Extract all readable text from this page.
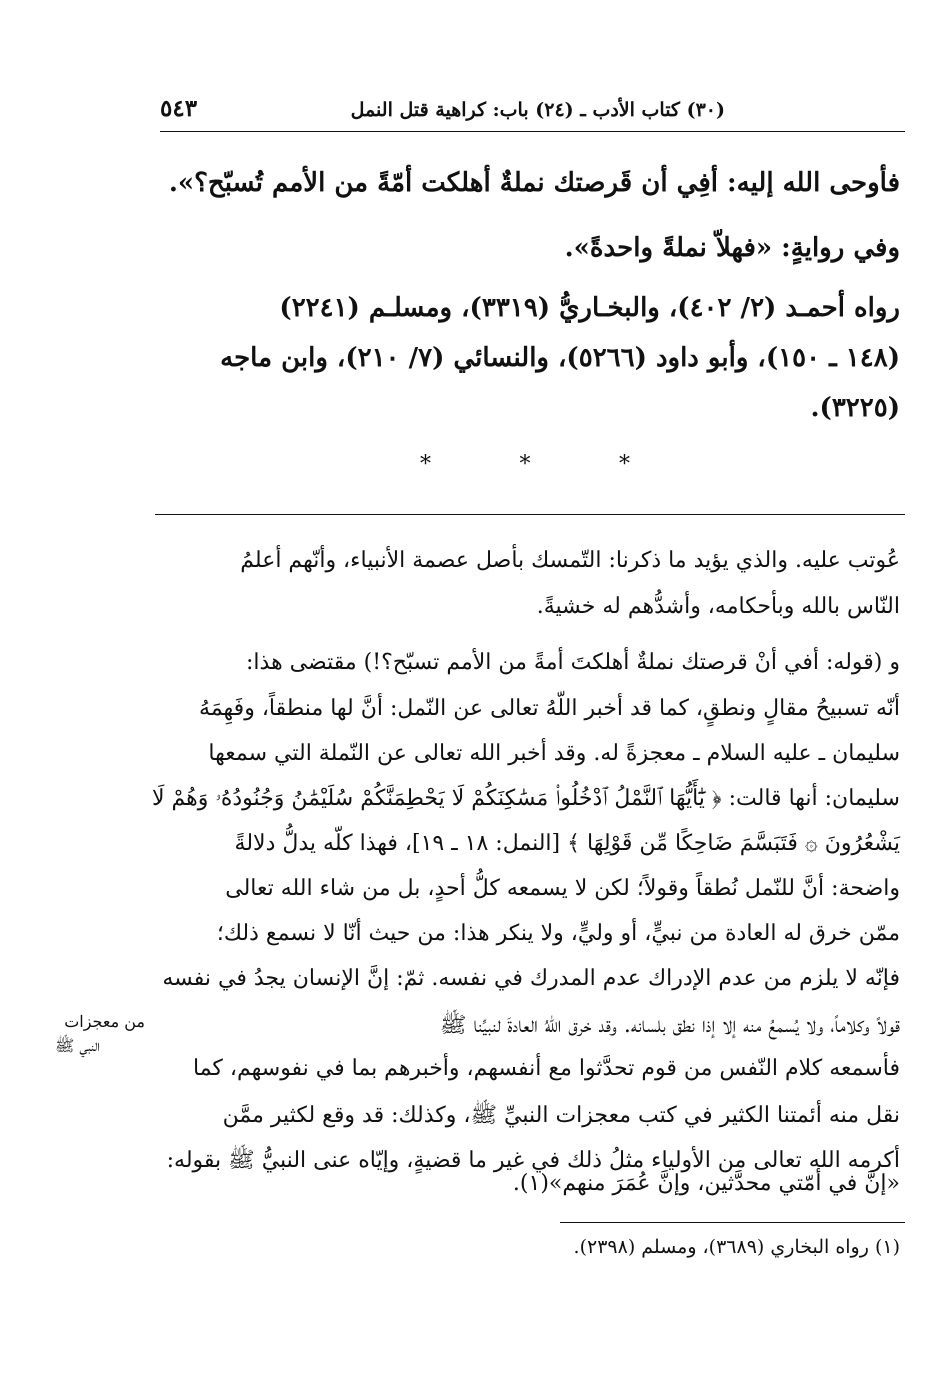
(٣٠) كتاب الأدب ـ (٢٤) باب: كراهية قتل النمل
٥٤٣
فأوحى الله إليه: أفِي أن قَرصتك نملةٌ أهلكت أمّةً من الأمم تُسبّح؟».
وفي روايةٍ: «فهلاّ نملةً واحدةً».
رواه أحمـد (٢/ ٤٠٢)، والبخـاريُّ (٣٣١٩)، ومسلـم (٢٢٤١)
(١٤٨ ـ ١٥٠)، وأبو داود (٥٢٦٦)، والنسائي (٧/ ٢١٠)، وابن ماجه
(٣٢٢٥).
*	*	*
عُوتب عليه. والذي يؤيد ما ذكرنا: التّمسك بأصل عصمة الأنبياء، وأنّهم أعلمُ
النّاس بالله وبأحكامه، وأشدُّهم له خشيةً.
و (قوله: أفي أنْ قرصتك نملةٌ أهلكتَ أمةً من الأمم تسبّح؟!) مقتضى هذا:
أنّه تسبيحُ مقالٍ ونطقٍ، كما قد أخبر اللّهُ تعالى عن النّمل: أنَّ لها منطقاً، وفَهِمَهُ
سليمان ـ عليه السلام ـ معجزةً له. وقد أخبر الله تعالى عن النّملة التي سمعها
سليمان: أنها قالت: ﴿ يَٰٓأَيُّهَا ٱلنَّمْلُ ٱدْخُلُوا۟ مَسَٰكِنَكُمْ لَا يَحْطِمَنَّكُمْ سُلَيْمَٰنُ وَجُنُودُهُۥ وَهُمْ لَا
يَشْعُرُونَ ۞ فَتَبَسَّمَ ضَاحِكًا مِّن قَوْلِهَا ﴾ [النمل: ١٨ ـ ١٩]، فهذا كلّه يدلُّ دلالةً
واضحة: أنَّ للنّمل نُطقاً وقولاً؛ لكن لا يسمعه كلُّ أحدٍ، بل من شاء الله تعالى
ممّن خرق له العادة من نبيٍّ، أو وليٍّ، ولا ينكر هذا: من حيث أنّا لا نسمع ذلك؛
فإنّه لا يلزم من عدم الإدراك عدم المدرك في نفسه. ثمّ: إنَّ الإنسان يجدُ في نفسه
قولاً وكلاماً، ولا يُسمعُ منه إلا إذا نطق بلسانه. وقد خرق اللّهُ العادةَ لنبيِّنا ﷺ
فأسمعه كلام النّفس من قوم تحدَّثوا مع أنفسهم، وأخبرهم بما في نفوسهم، كما
نقل منه أئمتنا الكثير في كتب معجزات النبيِّ ﷺ، وكذلك: قد وقع لكثير ممَّن
أكرمه الله تعالى من الأولياء مثلُ ذلك في غير ما قضيةٍ، وإيّاه عنى النبيُّ ﷺ بقوله:
«إنَّ في أمّتي محدَّثين، وإنَّ عُمَرَ منهم»(١).
من معجزات
النبي ﷺ
(١) رواه البخاري (٣٦٨٩)، ومسلم (٢٣٩٨).
